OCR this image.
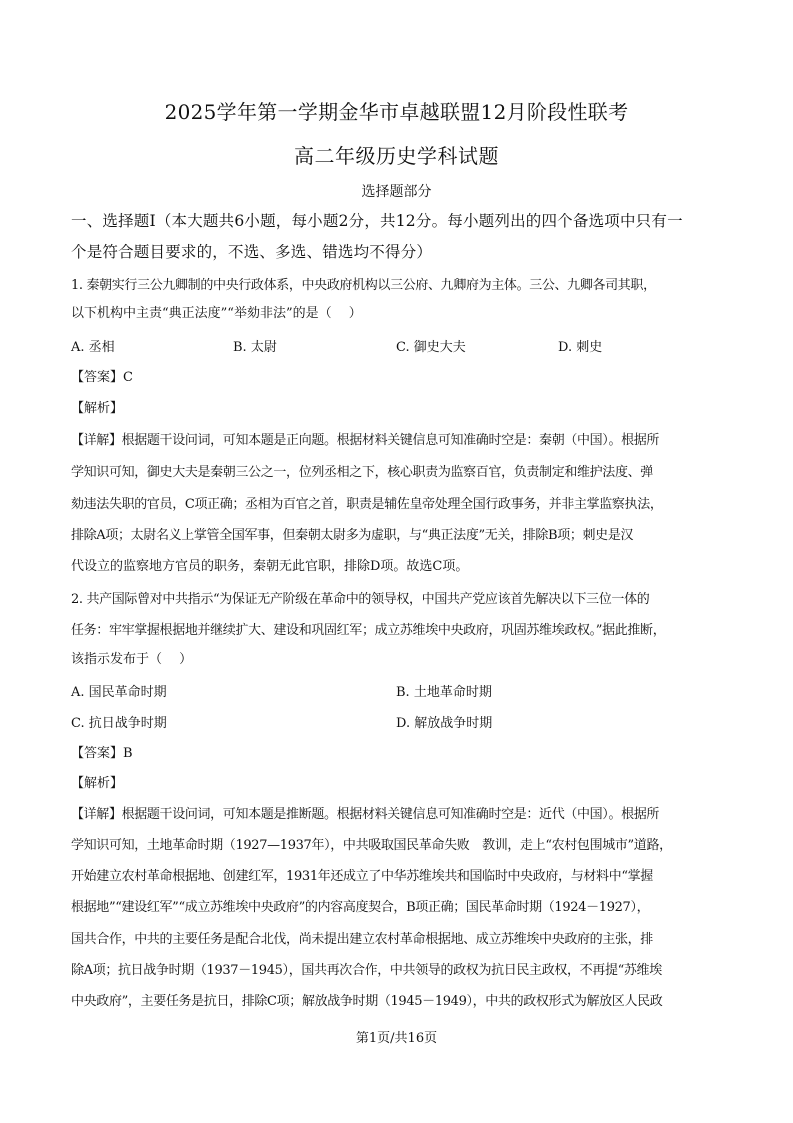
2025学年第一学期金华市卓越联盟12月阶段性联考
高二年级历史学科试题
选择题部分
一、选择题Ⅰ（本大题共6小题，每小题2分，共12分。每小题列出的四个备选项中只有一
个是符合题目要求的，不选、多选、错选均不得分）
1. 秦朝实行三公九卿制的中央行政体系，中央政府机构以三公府、九卿府为主体。三公、九卿各司其职，
以下机构中主责“典正法度”“举劾非法”的是（　 ）
A. 丞相	B. 太尉	C. 御史大夫	D. 刺史
【答案】C
【解析】
【详解】根据题干设问词，可知本题是正向题。根据材料关键信息可知准确时空是：秦朝（中国）。根据所
学知识可知，御史大夫是秦朝三公之一，位列丞相之下，核心职责为监察百官，负责制定和维护法度、弹
劾违法失职的官员，C项正确；丞相为百官之首，职责是辅佐皇帝处理全国行政事务，并非主掌监察执法，
排除A项；太尉名义上掌管全国军事，但秦朝太尉多为虚职，与“典正法度”无关，排除B项；刺史是汉
代设立的监察地方官员的职务，秦朝无此官职，排除D项。故选C项。
2. 共产国际曾对中共指示“为保证无产阶级在革命中的领导权，中国共产党应该首先解决以下三位一体的
任务：牢牢掌握根据地并继续扩大、建设和巩固红军；成立苏维埃中央政府，巩固苏维埃政权。”据此推断，
该指示发布于（　 ）
A. 国民革命时期	B. 土地革命时期
C. 抗日战争时期	D. 解放战争时期
【答案】B
【解析】
【详解】根据题干设问词，可知本题是推断题。根据材料关键信息可知准确时空是：近代（中国）。根据所
学知识可知，土地革命时期（1927—1937年），中共吸取国民革命失败　教训，走上“农村包围城市”道路，
开始建立农村革命根据地、创建红军，1931年还成立了中华苏维埃共和国临时中央政府，与材料中“掌握
根据地”“建设红军”“成立苏维埃中央政府”的内容高度契合，B项正确；国民革命时期（1924－1927），
国共合作，中共的主要任务是配合北伐，尚未提出建立农村革命根据地、成立苏维埃中央政府的主张，排
除A项；抗日战争时期（1937－1945），国共再次合作，中共领导的政权为抗日民主政权，不再提“苏维埃
中央政府”，主要任务是抗日，排除C项；解放战争时期（1945－1949），中共的政权形式为解放区人民政
第1页/共16页
